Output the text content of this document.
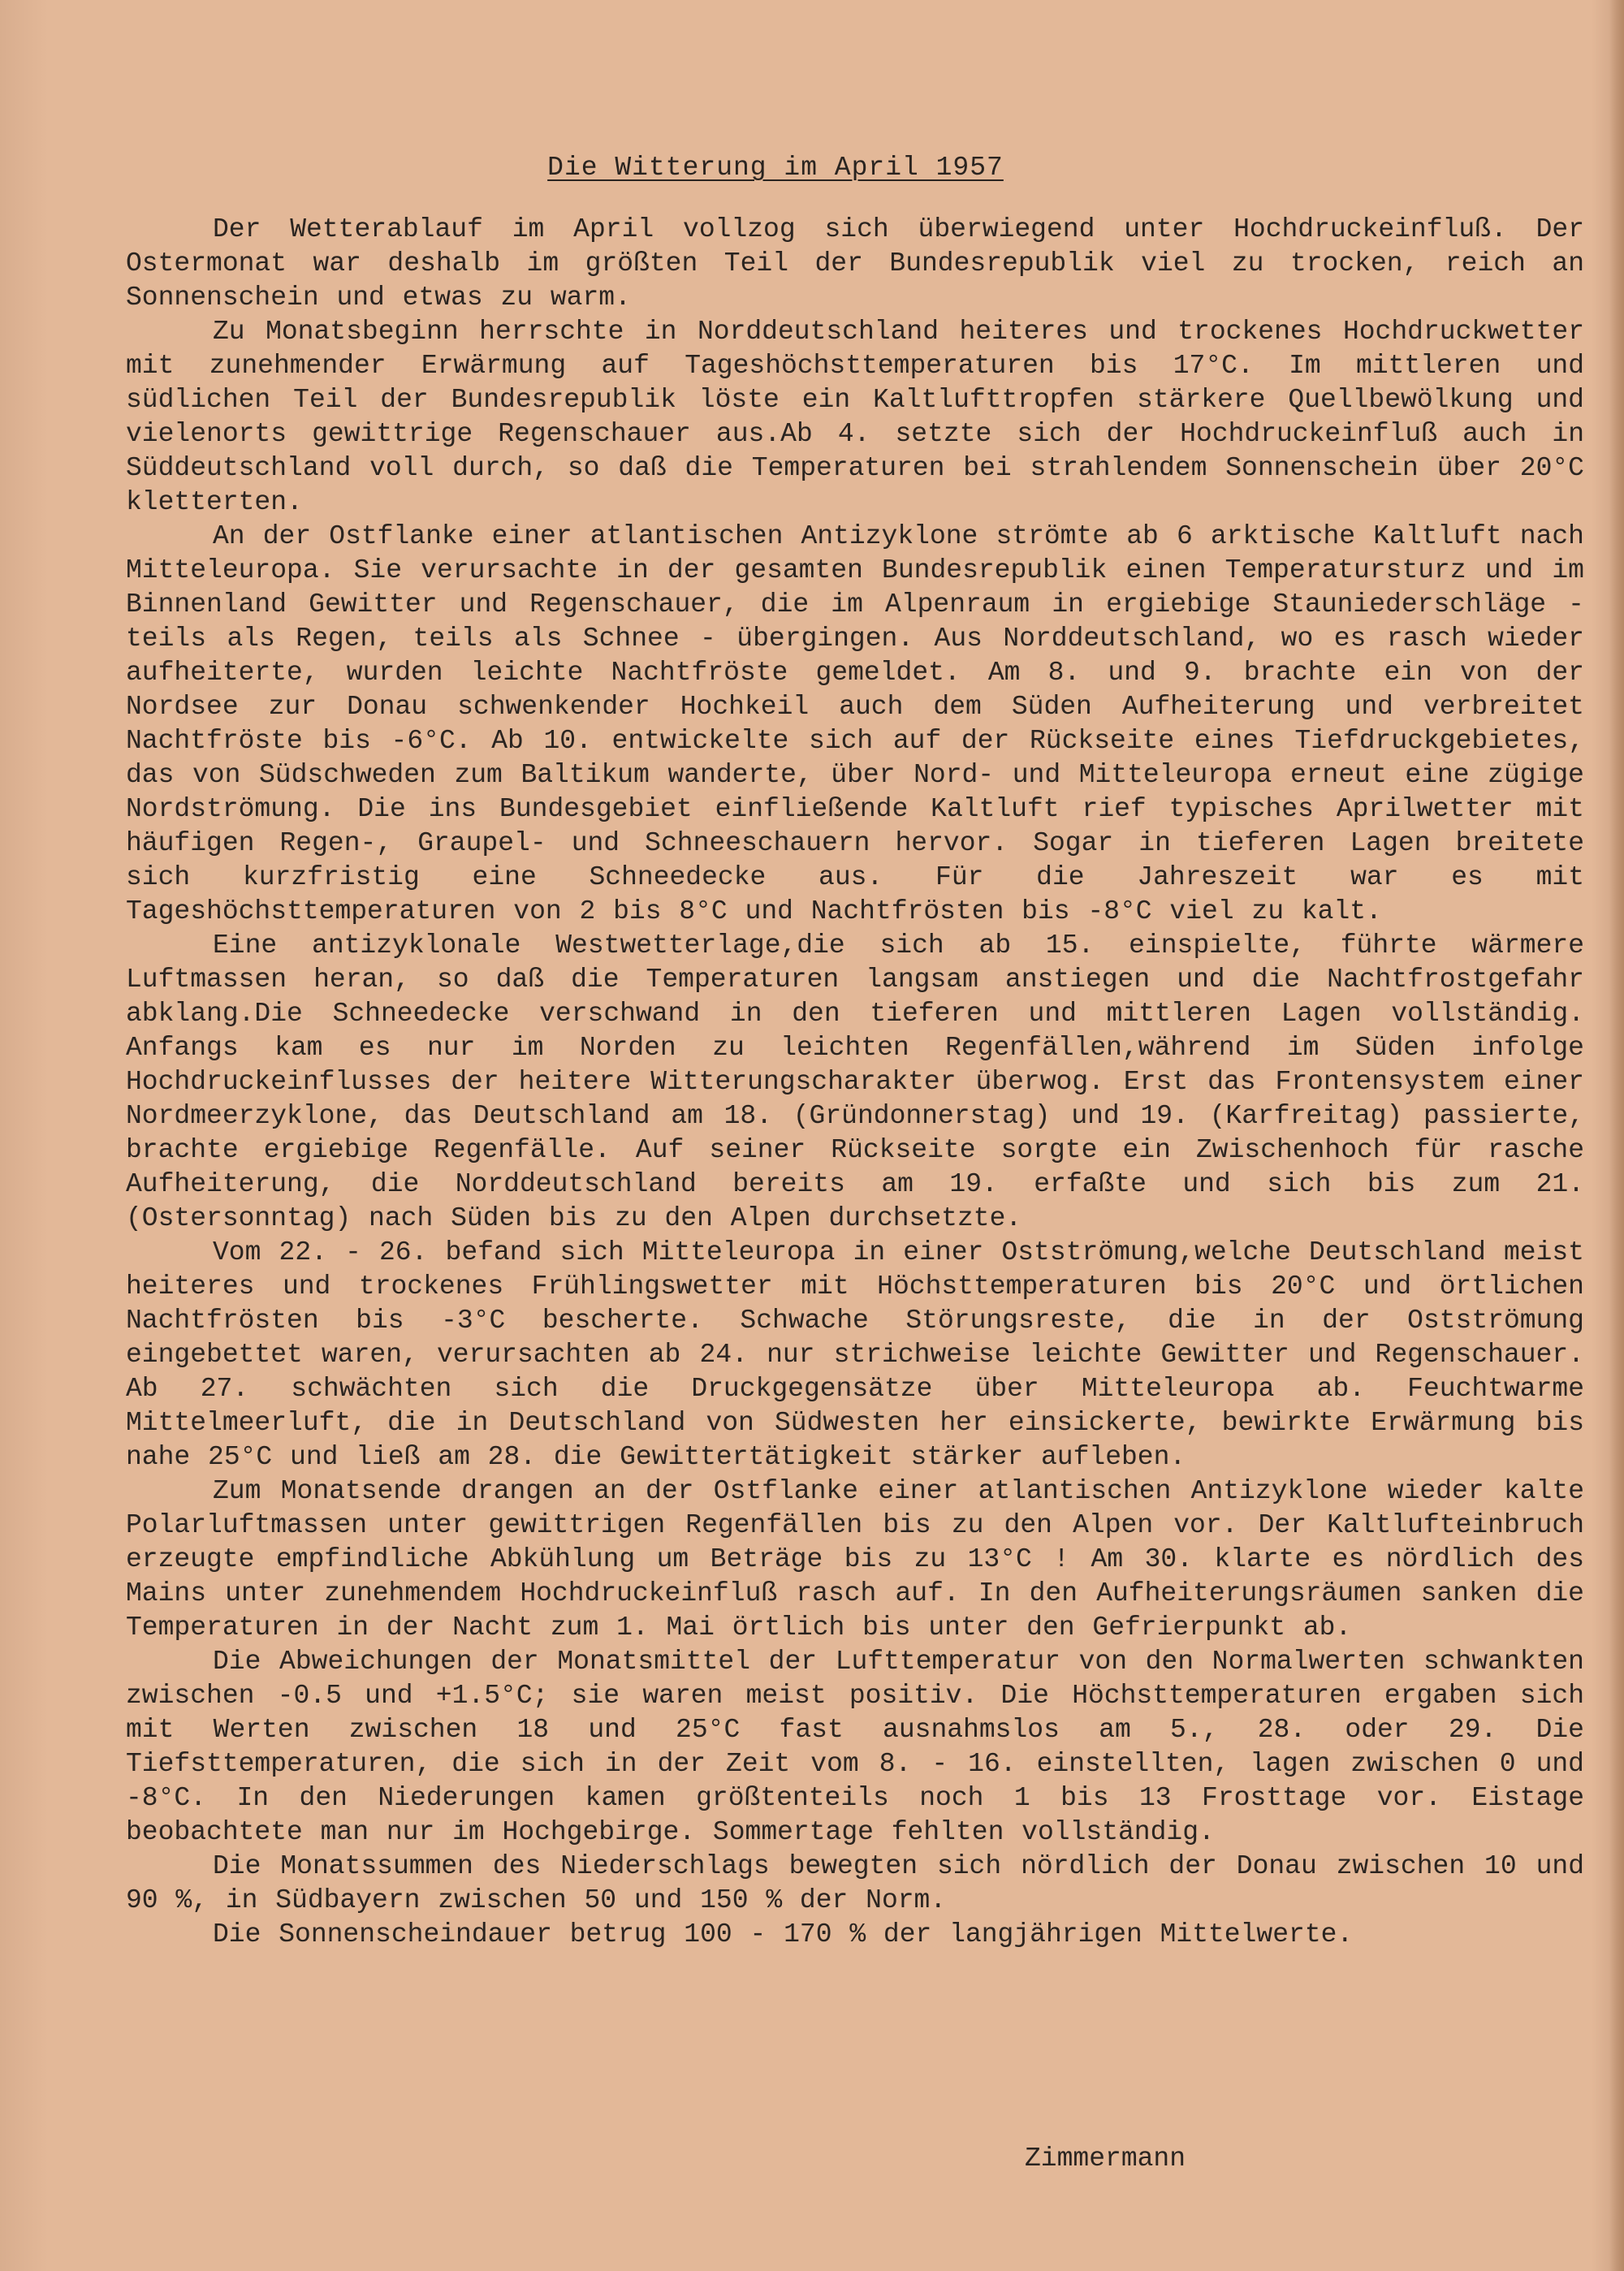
Die Witterung im April 1957

Der Wetterablauf im April vollzog sich überwiegend unter Hochdruckeinfluß. Der Ostermonat war deshalb im größten Teil der Bundesrepublik viel zu trocken, reich an Sonnenschein und etwas zu warm.

Zu Monatsbeginn herrschte in Norddeutschland heiteres und trockenes Hochdruckwetter mit zunehmender Erwärmung auf Tageshöchsttemperaturen bis 17°C. Im mittleren und südlichen Teil der Bundesrepublik löste ein Kaltlufttropfen stärkere Quellbewölkung und vielenorts gewittrige Regenschauer aus.Ab 4. setzte sich der Hochdruckeinfluß auch in Süddeutschland voll durch, so daß die Temperaturen bei strahlendem Sonnenschein über 20°C kletterten.

An der Ostflanke einer atlantischen Antizyklone strömte ab 6 arktische Kaltluft nach Mitteleuropa. Sie verursachte in der gesamten Bundesrepublik einen Temperatursturz und im Binnenland Gewitter und Regenschauer, die im Alpenraum in ergiebige Stauniederschläge - teils als Regen, teils als Schnee - übergingen. Aus Norddeutschland, wo es rasch wieder aufheiterte, wurden leichte Nachtfröste gemeldet. Am 8. und 9. brachte ein von der Nordsee zur Donau schwenkender Hochkeil auch dem Süden Aufheiterung und verbreitet Nachtfröste bis -6°C. Ab 10. entwickelte sich auf der Rückseite eines Tiefdruckgebietes, das von Südschweden zum Baltikum wanderte, über Nord- und Mitteleuropa erneut eine zügige Nordströmung. Die ins Bundesgebiet einfließende Kaltluft rief typisches Aprilwetter mit häufigen Regen-, Graupel- und Schneeschauern hervor. Sogar in tieferen Lagen breitete sich kurzfristig eine Schneedecke aus. Für die Jahreszeit war es mit Tageshöchsttemperaturen von 2 bis 8°C und Nachtfrösten bis -8°C viel zu kalt.

Eine antizyklonale Westwetterlage,die sich ab 15. einspielte, führte wärmere Luftmassen heran, so daß die Temperaturen langsam anstiegen und die Nachtfrostgefahr abklang.Die Schneedecke verschwand in den tieferen und mittleren Lagen vollständig. Anfangs kam es nur im Norden zu leichten Regenfällen,während im Süden infolge Hochdruckeinflusses der heitere Witterungscharakter überwog. Erst das Frontensystem einer Nordmeerzyklone, das Deutschland am 18. (Gründonnerstag) und 19. (Karfreitag) passierte, brachte ergiebige Regenfälle. Auf seiner Rückseite sorgte ein Zwischenhoch für rasche Aufheiterung, die Norddeutschland bereits am 19. erfaßte und sich bis zum 21. (Ostersonntag) nach Süden bis zu den Alpen durchsetzte.

Vom 22. - 26. befand sich Mitteleuropa in einer Ostströmung,welche Deutschland meist heiteres und trockenes Frühlingswetter mit Höchsttemperaturen bis 20°C und örtlichen Nachtfrösten bis -3°C bescherte. Schwache Störungsreste, die in der Ostströmung eingebettet waren, verursachten ab 24. nur strichweise leichte Gewitter und Regenschauer. Ab 27. schwächten sich die Druckgegensätze über Mitteleuropa ab. Feuchtwarme Mittelmeerluft, die in Deutschland von Südwesten her einsickerte, bewirkte Erwärmung bis nahe 25°C und ließ am 28. die Gewittertätigkeit stärker aufleben.

Zum Monatsende drangen an der Ostflanke einer atlantischen Antizyklone wieder kalte Polarluftmassen unter gewittrigen Regenfällen bis zu den Alpen vor. Der Kaltlufteinbruch erzeugte empfindliche Abkühlung um Beträge bis zu 13°C ! Am 30. klarte es nördlich des Mains unter zunehmendem Hochdruckeinfluß rasch auf. In den Aufheiterungsräumen sanken die Temperaturen in der Nacht zum 1. Mai örtlich bis unter den Gefrierpunkt ab.

Die Abweichungen der Monatsmittel der Lufttemperatur von den Normalwerten schwankten zwischen -0.5 und +1.5°C; sie waren meist positiv. Die Höchsttemperaturen ergaben sich mit Werten zwischen 18 und 25°C fast ausnahmslos am 5., 28. oder 29. Die Tiefsttemperaturen, die sich in der Zeit vom 8. - 16. einstellten, lagen zwischen 0 und -8°C. In den Niederungen kamen größtenteils noch 1 bis 13 Frosttage vor. Eistage beobachtete man nur im Hochgebirge. Sommertage fehlten vollständig.

Die Monatssummen des Niederschlags bewegten sich nördlich der Donau zwischen 10 und 90 %, in Südbayern zwischen 50 und 150 % der Norm.

Die Sonnenscheindauer betrug 100 - 170 % der langjährigen Mittelwerte.

Zimmermann
